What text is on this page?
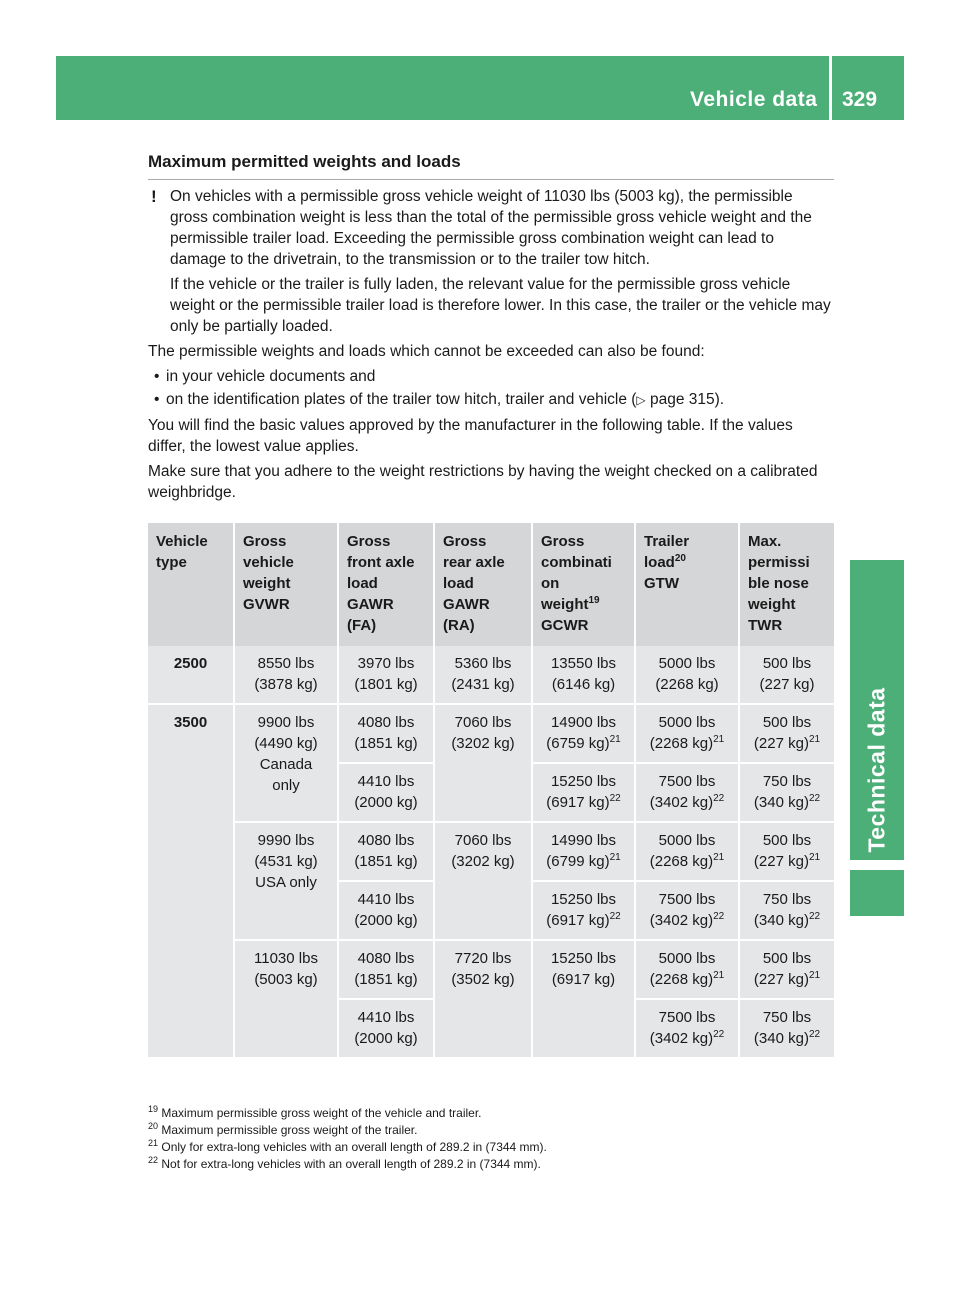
Vehicle data 329
Technical data
Maximum permitted weights and loads
! On vehicles with a permissible gross vehicle weight of 11030 lbs (5003 kg), the permissible gross combination weight is less than the total of the permissible gross vehicle weight and the permissible trailer load. Exceeding the permissible gross combination weight can lead to damage to the drivetrain, to the transmission or to the trailer tow hitch.

If the vehicle or the trailer is fully laden, the relevant value for the permissible gross vehicle weight or the permissible trailer load is therefore lower. In this case, the trailer or the vehicle may only be partially loaded.

The permissible weights and loads which cannot be exceeded can also be found:

• in your vehicle documents and
• on the identification plates of the trailer tow hitch, trailer and vehicle (▷ page 315).

You will find the basic values approved by the manufacturer in the following table. If the values differ, the lowest value applies.

Make sure that you adhere to the weight restrictions by having the weight checked on a calibrated weighbridge.

Vehicle
type	Gross
vehicle
weight
GVWR	Gross
front axle
load
GAWR
(FA)	Gross
rear axle
load
GAWR
(RA)	Gross
combinati
on
weight$^{19}$
GCWR	Trailer
load$^{20}$
GTW	Max.
permissi
ble nose
weight
TWR
2500	8550 lbs
(3878 kg)	3970 lbs
(1801 kg)	5360 lbs
(2431 kg)	13550 lbs
(6146 kg)	5000 lbs
(2268 kg)	500 lbs
(227 kg)
3500	9900 lbs
(4490 kg)
Canada
only	4080 lbs
(1851 kg)	7060 lbs
(3202 kg)	14900 lbs
(6759 kg)$^{21}$	5000 lbs
(2268 kg)$^{21}$	500 lbs
(227 kg)$^{21}$
		4410 lbs
(2000 kg)		15250 lbs
(6917 kg)$^{22}$	7500 lbs
(3402 kg)$^{22}$	750 lbs
(340 kg)$^{22}$
	9990 lbs
(4531 kg)
USA only	4080 lbs
(1851 kg)	7060 lbs
(3202 kg)	14990 lbs
(6799 kg)$^{21}$	5000 lbs
(2268 kg)$^{21}$	500 lbs
(227 kg)$^{21}$
		4410 lbs
(2000 kg)		15250 lbs
(6917 kg)$^{22}$	7500 lbs
(3402 kg)$^{22}$	750 lbs
(340 kg)$^{22}$
	11030 lbs
(5003 kg)	4080 lbs
(1851 kg)	7720 lbs
(3502 kg)	15250 lbs
(6917 kg)	5000 lbs
(2268 kg)$^{21}$	500 lbs
(227 kg)$^{21}$
		4410 lbs
(2000 kg)			7500 lbs
(3402 kg)$^{22}$	750 lbs
(340 kg)$^{22}$
$^{19}$ Maximum permissible gross weight of the vehicle and trailer.
$^{20}$ Maximum permissible gross weight of the trailer.
$^{21}$ Only for extra-long vehicles with an overall length of 289.2 in (7344 mm).
$^{22}$ Not for extra-long vehicles with an overall length of 289.2 in (7344 mm).
